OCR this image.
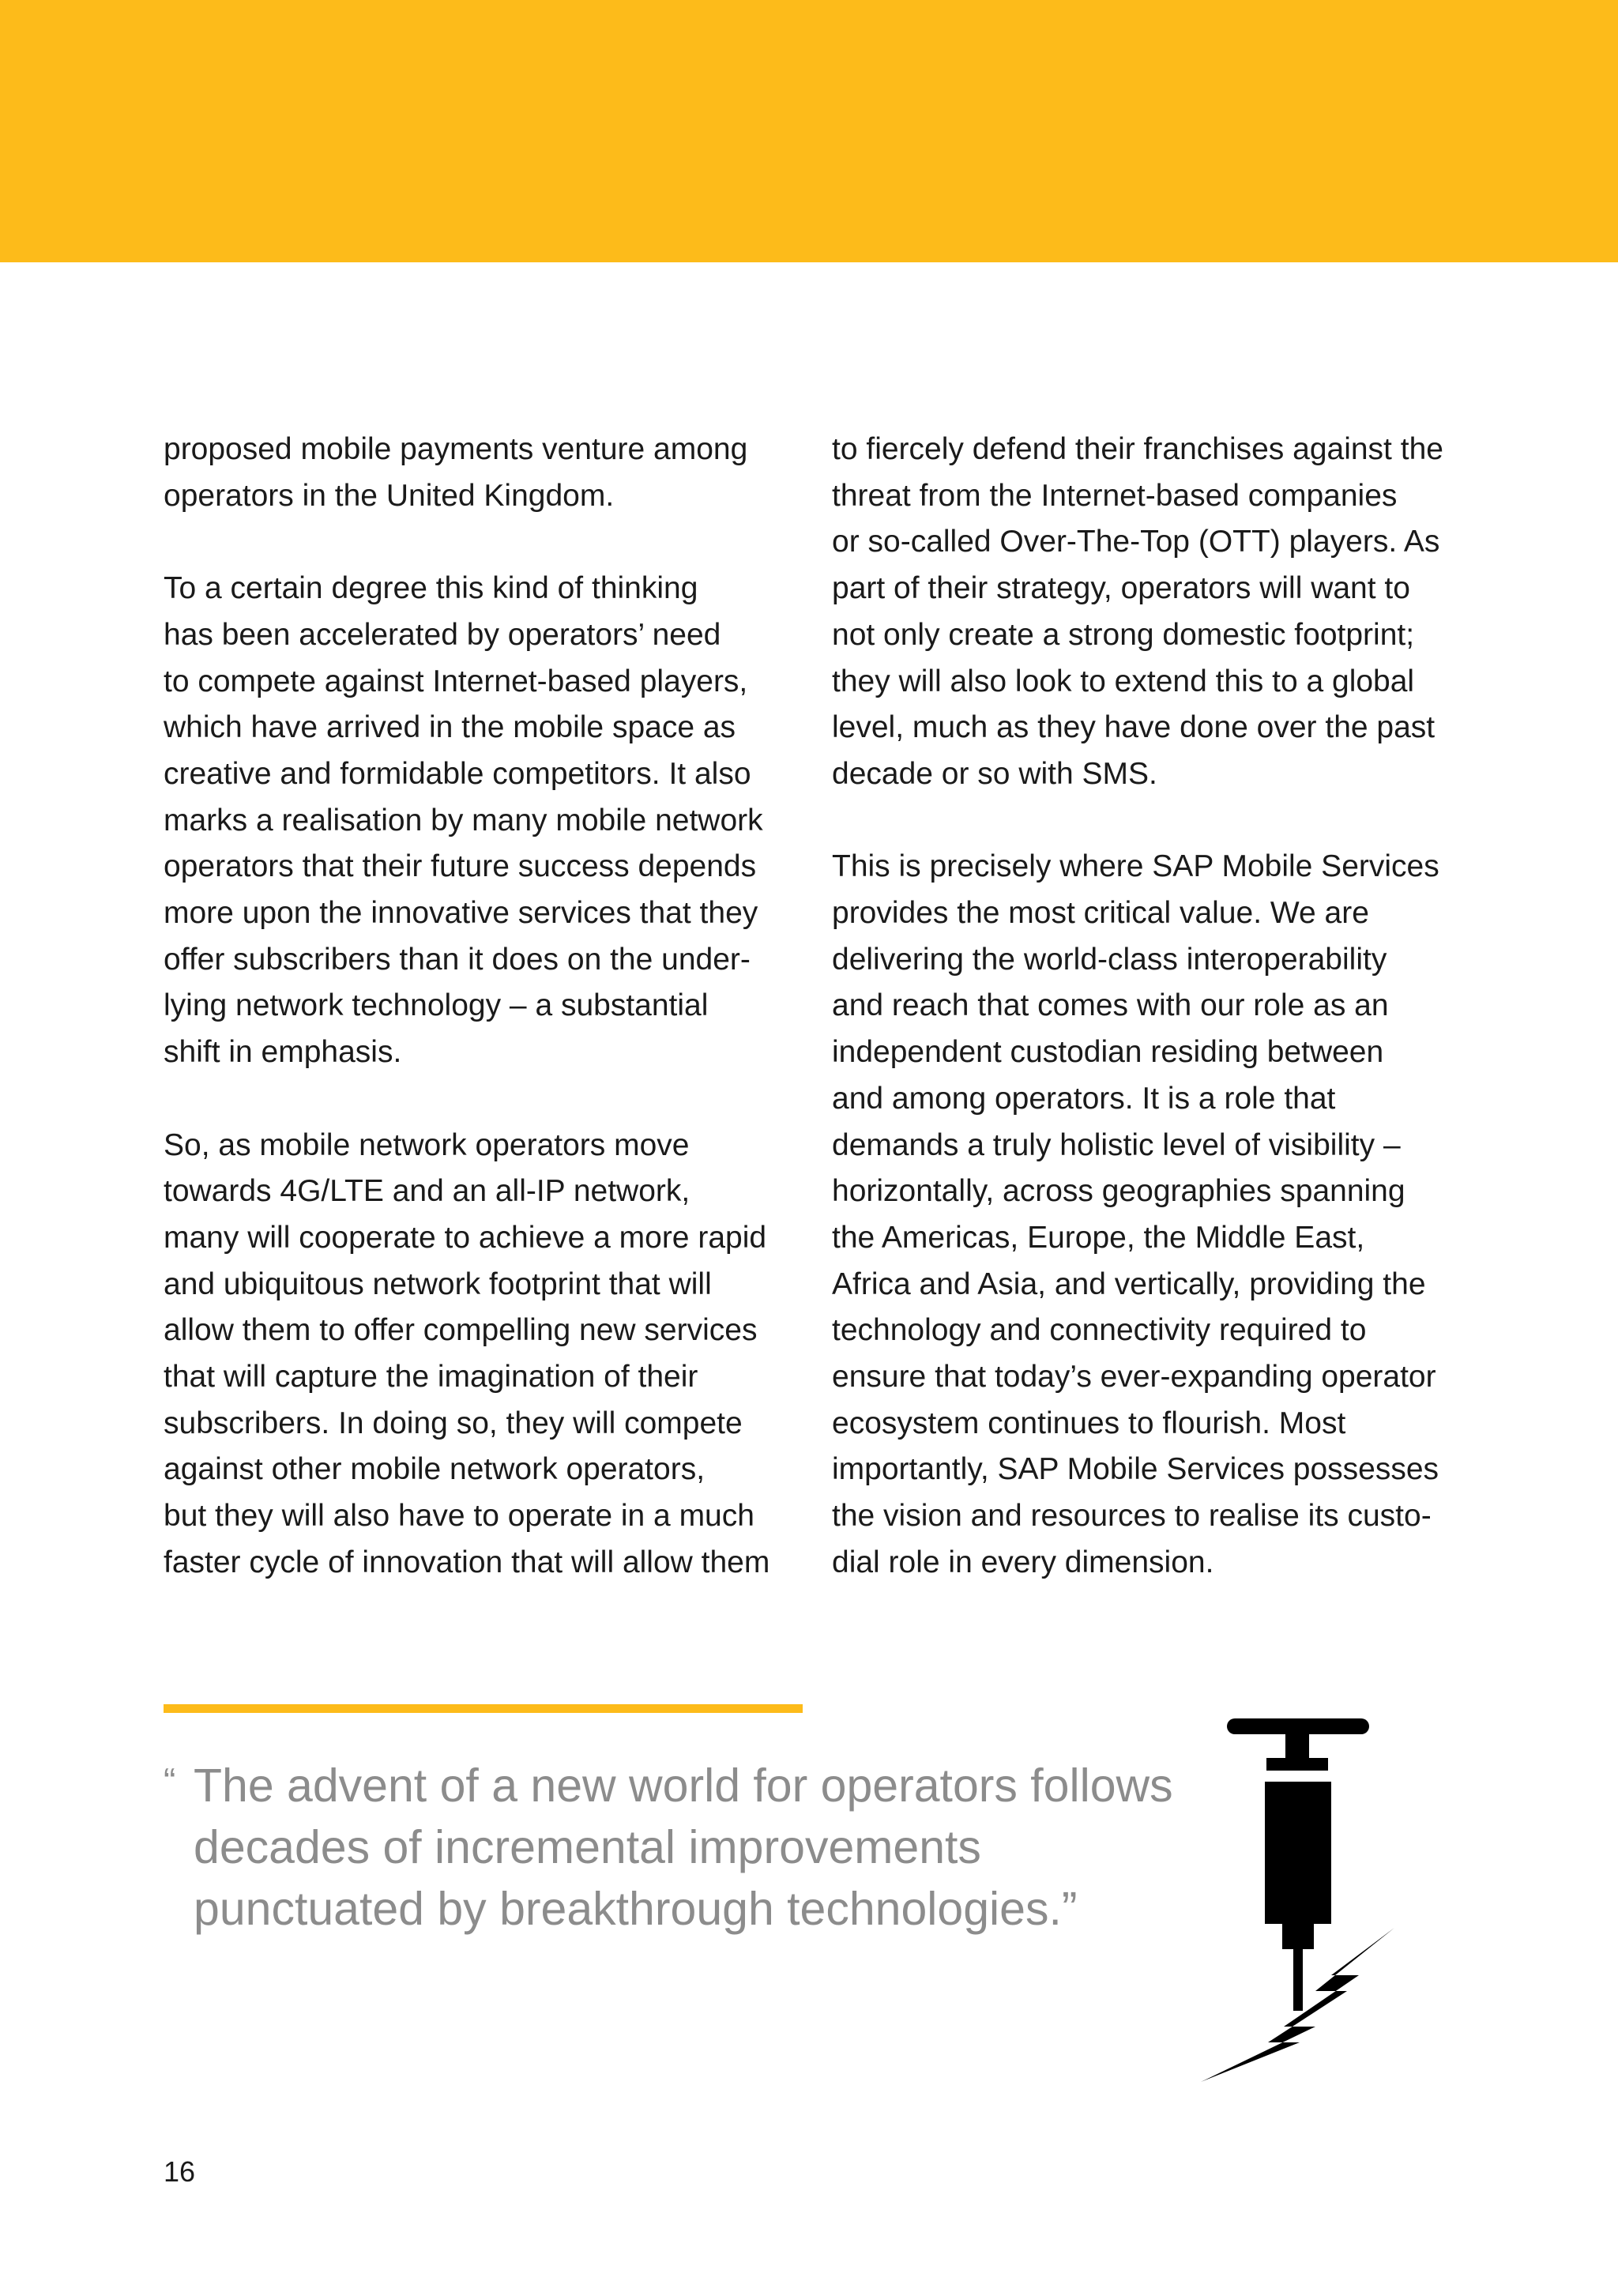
proposed mobile payments venture among
operators in the United Kingdom.

To a certain degree this kind of thinking
has been accelerated by operators’ need
to compete against Internet-based players,
which have arrived in the mobile space as
creative and formidable competitors. It also
marks a realisation by many mobile network
operators that their future success depends
more upon the innovative services that they
offer subscribers than it does on the under-
lying network technology – a substantial
shift in emphasis.

So, as mobile network operators move
towards 4G/LTE and an all-IP network,
many will cooperate to achieve a more rapid
and ubiquitous network footprint that will
allow them to offer compelling new services
that will capture the imagination of their
subscribers. In doing so, they will compete
against other mobile network operators,
but they will also have to operate in a much
faster cycle of innovation that will allow them

to fiercely defend their franchises against the
threat from the Internet-based companies
or so-called Over-The-Top (OTT) players. As
part of their strategy, operators will want to
not only create a strong domestic footprint;
they will also look to extend this to a global
level, much as they have done over the past
decade or so with SMS.

This is precisely where SAP Mobile Services
provides the most critical value. We are
delivering the world-class interoperability
and reach that comes with our role as an
independent custodian residing between
and among operators. It is a role that
demands a truly holistic level of visibility –
horizontally, across geographies spanning
the Americas, Europe, the Middle East,
Africa and Asia, and vertically, providing the
technology and connectivity required to
ensure that today’s ever-expanding operator
ecosystem continues to flourish. Most
importantly, SAP Mobile Services possesses
the vision and resources to realise its custo-
dial role in every dimension.

“ The advent of a new world for operators follows
decades of incremental improvements
punctuated by breakthrough technologies.”
16
